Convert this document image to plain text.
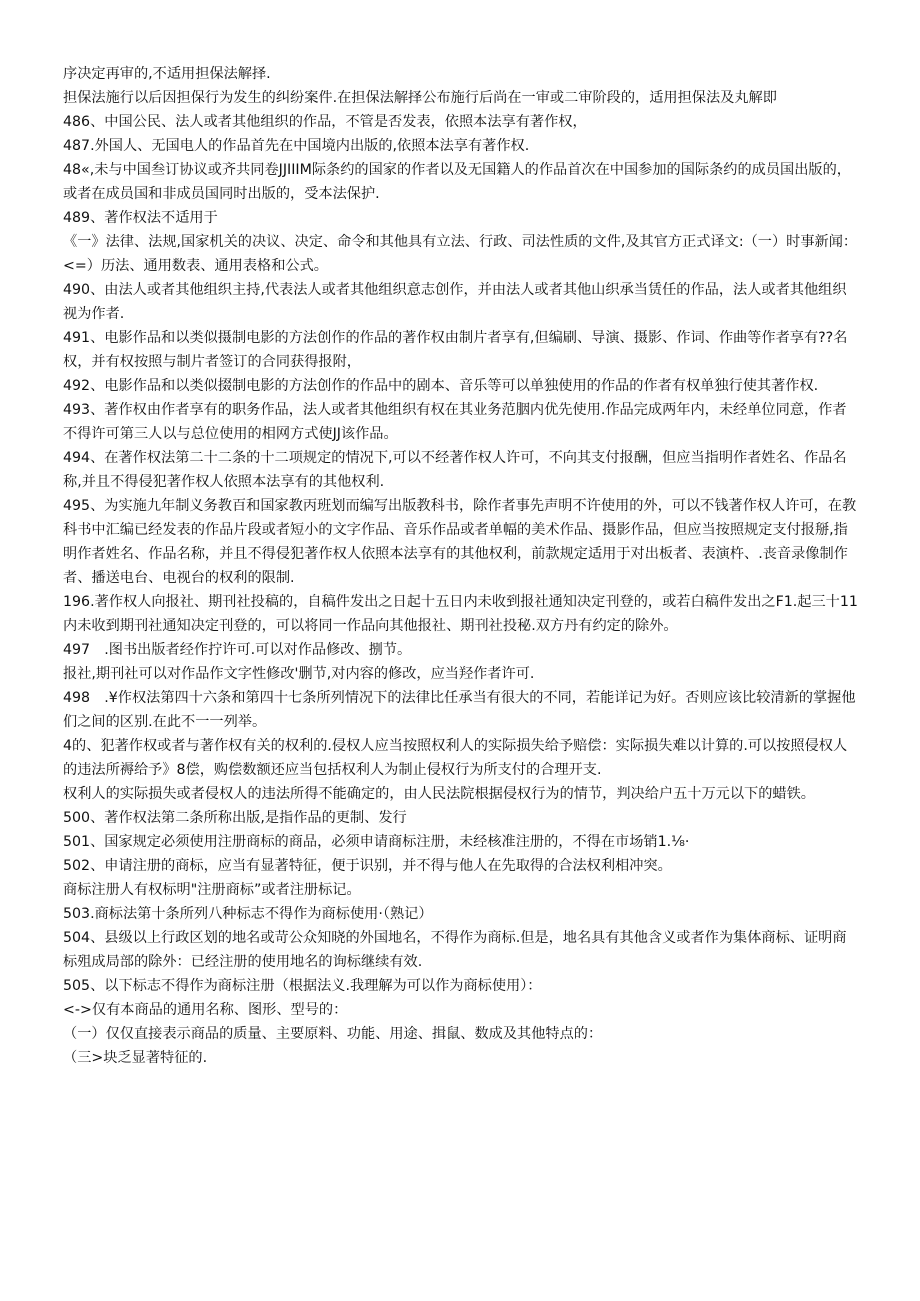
序决定再审的,不适用担保法解择.

担保法施行以后因担保行为发生的纠纷案件.在担保法解择公布施行后尚在一审或二审阶段的，适用担保法及丸解即

486、中国公民、法人或者其他组织的作品，不管是否发表，依照本法享有著作权，

487.外国人、无国电人的作品首先在中国境内出版的,依照本法享有著作权.

48«,未与中国叁订协议或齐共同卷JJIIIM际条约的国家的作者以及无国籍人的作品首次在中国参加的国际条约的成员国出版的，或者在成员国和非成员国同时出版的，受本法保护.

489、著作权法不适用于

《一》法律、法规,国家机关的决议、决定、命令和其他具有立法、行政、司法性质的文件,及其官方正式译文:（一）时事新闻：

<=）历法、通用数表、通用表格和公式。

490、由法人或者其他组织主持,代表法人或者其他组织意志创作，并由法人或者其他山织承当赁任的作品，法人或者其他组织视为作者.

491、电影作品和以类似摄制电影的方法创作的作品的著作权由制片者享有,但编刷、导演、摄影、作词、作曲等作者享有??名权，并有权按照与制片者签订的合同获得报附，

492、电影作品和以类似掇制电影的方法创作的作品中的剧本、音乐等可以单独使用的作品的作者有权单独行使其著作权.

493、著作权由作者享有的职务作品，法人或者其他组织有权在其业务范胭内优先使用.作品完成两年内，未经单位同意，作者不得许可第三人以与总位使用的相网方式使JJ该作品。

494、在著作权法第二十二条的十二项规定的情况下,可以不经著作权人许可，不向其支付报酬，但应当指明作者姓名、作品名称,并且不得侵犯著作权人依照本法享有的其他权利.

495、为实施九年制义务教百和国家教丙班划而编写出版教科书，除作者事先声明不许使用的外，可以不钱著作权人许可，在教科书中汇编已经发表的作品片段或者短小的文字作品、音乐作品或者单幅的美术作品、摄影作品，但应当按照规定支付报掰,指明作者姓名、作品名称，并且不得侵犯著作权人依照本法享有的其他权利，前款规定适用于对出板者、表演杵、.丧音录像制作者、播送电台、电视台的权利的限制.

196.著作权人向报社、期刊社投稿的，自稿件发出之日起十五日内未收到报社通知决定刊登的，或若白稿件发出之F1.起三十11内未收到期刊社通知决定刊登的，可以将同一作品向其他报社、期刊社投秘.双方丹有约定的除外。

497　.图书出版者经作拧许可.可以对作品修改、捌节。

报社,期刊社可以对作品作文字性修改'删节,对内容的修改，应当羟作者许可.

498　.¥作权法第四十六条和第四十七条所列情况下的法律比任承当有很大的不同，若能详记为好。否则应该比较清新的掌握他们之间的区别.在此不一一列举。

4的、犯著作权或者与著作权有关的权利的.侵权人应当按照权利人的实际损失给予赔偿：实际损失难以计算的.可以按照侵权人的违法所褥给予》8偿，购偿数额还应当包括权利人为制止侵权行为所支付的合理开支.

权利人的实际损失或者侵权人的违法所得不能确定的，由人民法院根据侵权行为的情节，判决给户五十万元以下的蜡铁。

500、著作权法第二条所称出版,是指作品的更制、发行

501、国家规定必须使用注册商标的商品，必须申请商标注册，未经核准注册的，不得在市场销1.⅛·

502、申请注册的商标，应当有显著特征，便于识别，并不得与他人在先取得的合法权利相冲突。

商标注册人有权标明"注册商标”或者注册标记。

503.商标法第十条所列八种标志不得作为商标使用·（熟记）

504、县级以上行政区划的地名或苛公众知晓的外国地名，不得作为商标.但是，地名具有其他含义或者作为集体商标、证明商标殂成局部的除外：已经注册的使用地名的询标继续有效.

505、以下标志不得作为商标注册（根据法义.我理解为可以作为商标使用）：

<->仅有本商品的通用名称、图形、型号的：

（一）仅仅直接表示商品的质量、主要原料、功能、用途、揖鼠、数成及其他特点的：

（三>块乏显著特征的.
